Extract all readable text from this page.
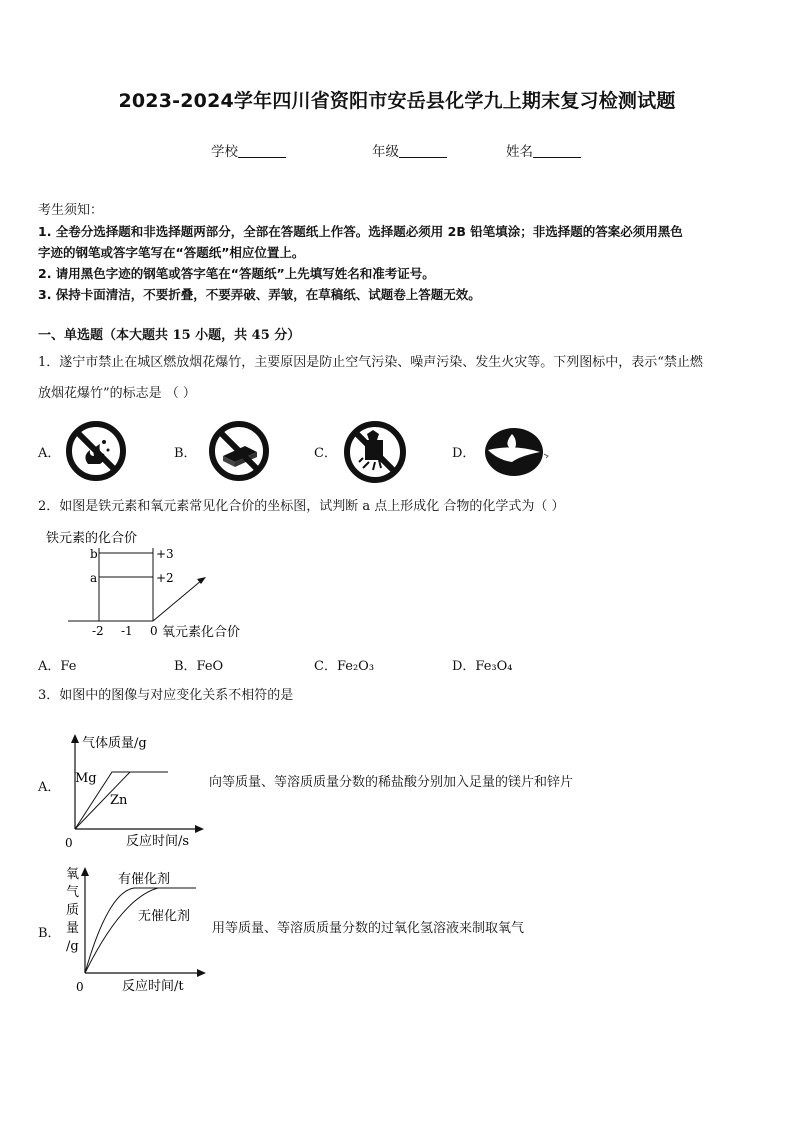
2023-2024学年四川省资阳市安岳县化学九上期末复习检测试题
学校	年级	姓名
考生须知：
1. 全卷分选择题和非选择题两部分，全部在答题纸上作答。选择题必须用 2B 铅笔填涂；非选择题的答案必须用黑色
字迹的钢笔或答字笔写在“答题纸”相应位置上。
2. 请用黑色字迹的钢笔或答字笔在“答题纸”上先填写姓名和准考证号。
3. 保持卡面清洁，不要折叠，不要弄破、弄皱，在草稿纸、试题卷上答题无效。
一、单选题（本大题共 15 小题，共 45 分）
1．遂宁市禁止在城区燃放烟花爆竹，主要原因是防止空气污染、噪声污染、发生火灾等。下列图标中，表示“禁止燃
放烟花爆竹”的标志是 （ ）
A．	B．	C．	D．
2．如图是铁元素和氧元素常见化合价的坐标图，试判断 a 点上形成化 合物的化学式为（ ）
铁元素的化合价
b
a
+3
+2
-2 -1 0 氧元素化合价
A．Fe	B．FeO	C．Fe₂O₃	D．Fe₃O₄
3．如图中的图像与对应变化关系不相符的是
A．
气体质量/g
Mg
Zn
0	反应时间/s
向等质量、等溶质质量分数的稀盐酸分别加入足量的镁片和锌片
B．
氧
气
质
量
/g
有催化剂
无催化剂
0	反应时间/t
用等质量、等溶质质量分数的过氧化氢溶液来制取氧气
